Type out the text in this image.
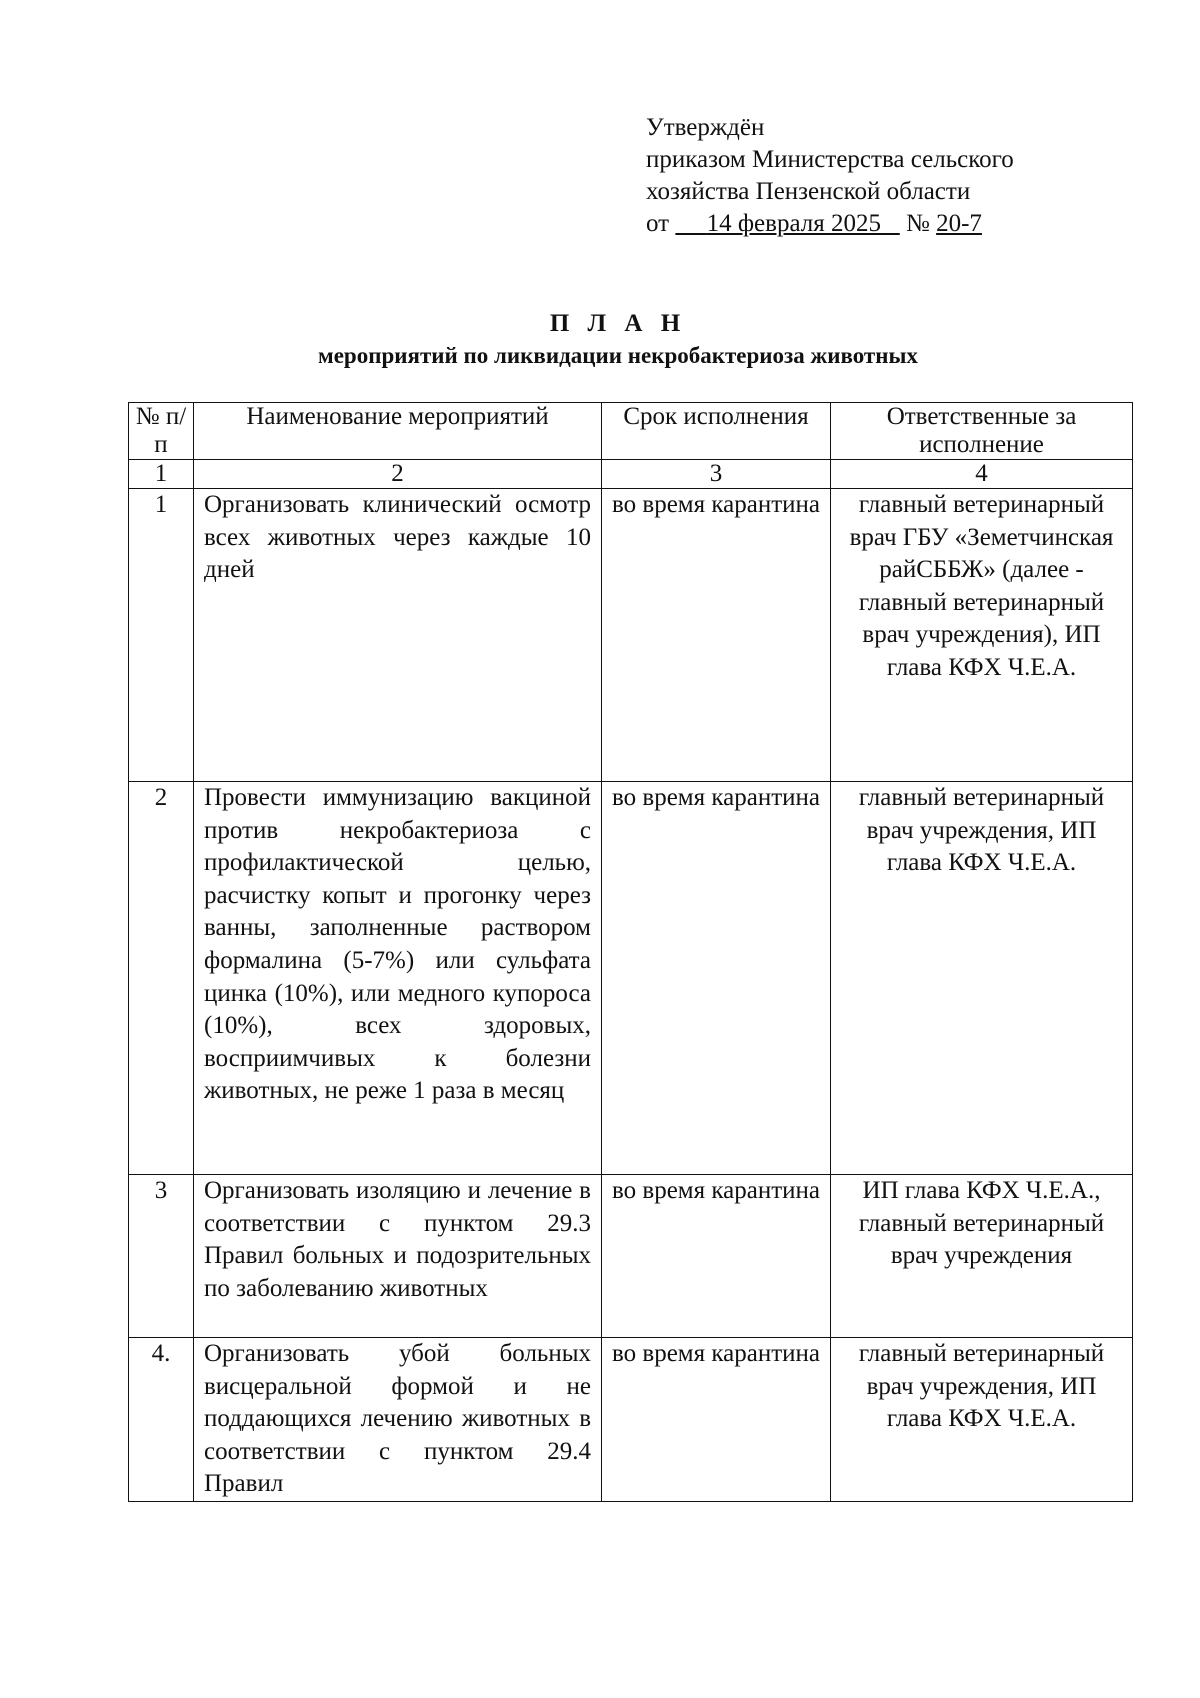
Утверждён
приказом Министерства сельского
хозяйства Пензенской области
от 14 февраля 2025 № 20-7
П Л А Н
мероприятий по ликвидации некробактериоза животных
№ п/п	Наименование мероприятий	Срок исполнения	Ответственные за исполнение
1	2	3	4
1	Организовать клинический осмотр всех животных через каждые 10 дней	во время карантина	главный ветеринарный врач ГБУ «Земетчинская райСББЖ» (далее - главный ветеринарный врач учреждения), ИП глава КФХ Ч.Е.А.
2	Провести иммунизацию вакциной против некробактериоза с профилактической целью, расчистку копыт и прогонку через ванны, заполненные раствором формалина (5-7%) или сульфата цинка (10%), или медного купороса (10%), всех здоровых, восприимчивых к болезни животных, не реже 1 раза в месяц	во время карантина	главный ветеринарный врач учреждения, ИП глава КФХ Ч.Е.А.
3	Организовать изоляцию и лечение в соответствии с пунктом 29.3 Правил больных и подозрительных по заболеванию животных	во время карантина	ИП глава КФХ Ч.Е.А., главный ветеринарный врач учреждения
4.	Организовать убой больных висцеральной формой и не поддающихся лечению животных в соответствии с пунктом 29.4 Правил	во время карантина	главный ветеринарный врач учреждения, ИП глава КФХ Ч.Е.А.
